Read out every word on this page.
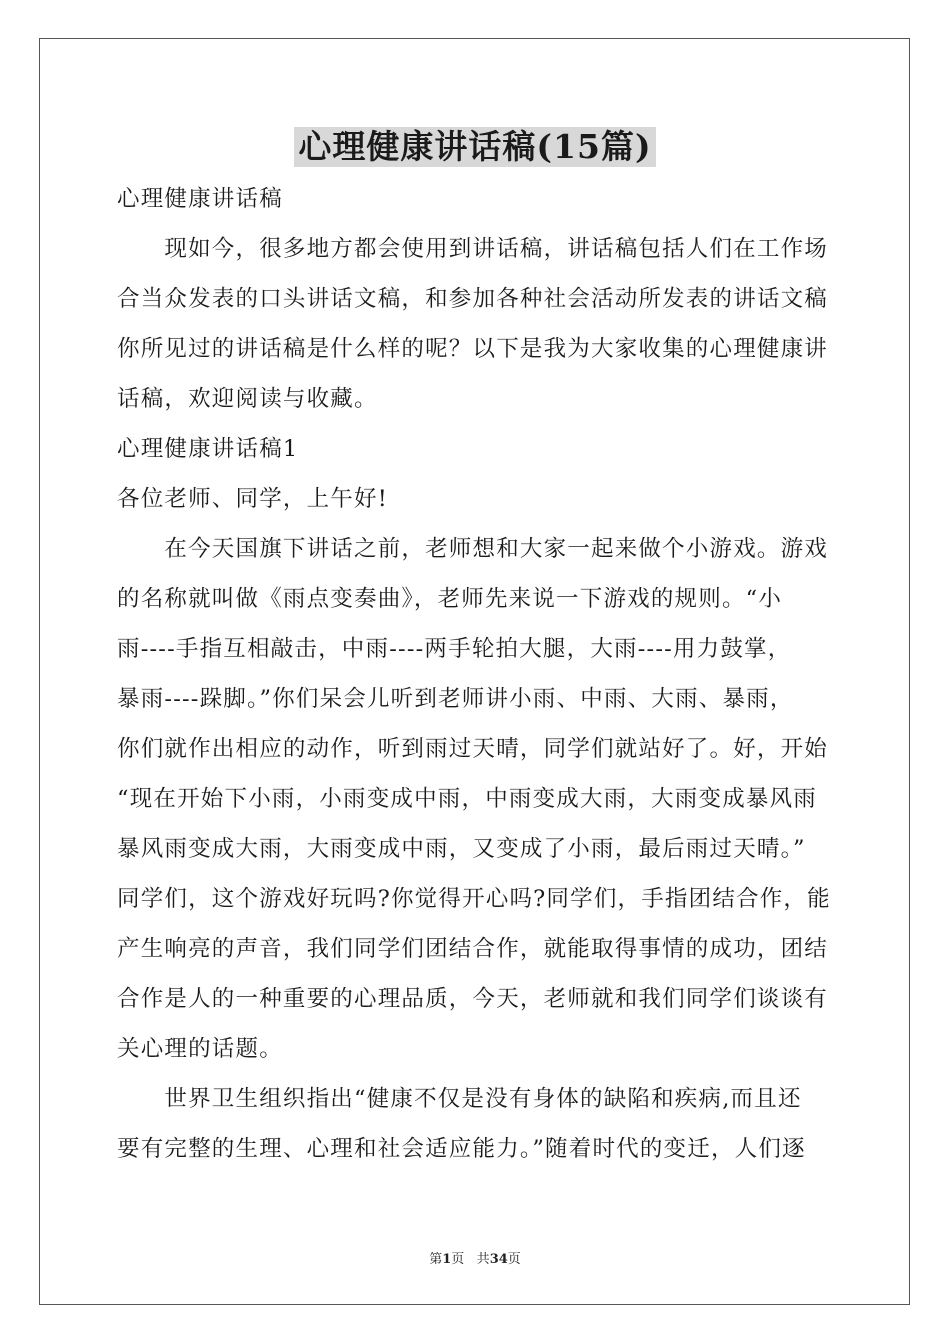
心理健康讲话稿(15篇)
心理健康讲话稿
　　现如今，很多地方都会使用到讲话稿，讲话稿包括人们在工作场
合当众发表的口头讲话文稿，和参加各种社会活动所发表的讲话文稿
你所见过的讲话稿是什么样的呢？以下是我为大家收集的心理健康讲
话稿，欢迎阅读与收藏。
心理健康讲话稿1
各位老师、同学，上午好!
　　在今天国旗下讲话之前，老师想和大家一起来做个小游戏。游戏
的名称就叫做《雨点变奏曲》，老师先来说一下游戏的规则。“小
雨----手指互相敲击，中雨----两手轮拍大腿，大雨----用力鼓掌，
暴雨----跺脚。”你们呆会儿听到老师讲小雨、中雨、大雨、暴雨，
你们就作出相应的动作，听到雨过天晴，同学们就站好了。好，开始
“现在开始下小雨，小雨变成中雨，中雨变成大雨，大雨变成暴风雨
暴风雨变成大雨，大雨变成中雨，又变成了小雨，最后雨过天晴。”
同学们，这个游戏好玩吗?你觉得开心吗?同学们，手指团结合作，能
产生响亮的声音，我们同学们团结合作，就能取得事情的成功，团结
合作是人的一种重要的心理品质，今天，老师就和我们同学们谈谈有
关心理的话题。
　　世界卫生组织指出“健康不仅是没有身体的缺陷和疾病,而且还
要有完整的生理、心理和社会适应能力。”随着时代的变迁，人们逐
第1页 共34页
